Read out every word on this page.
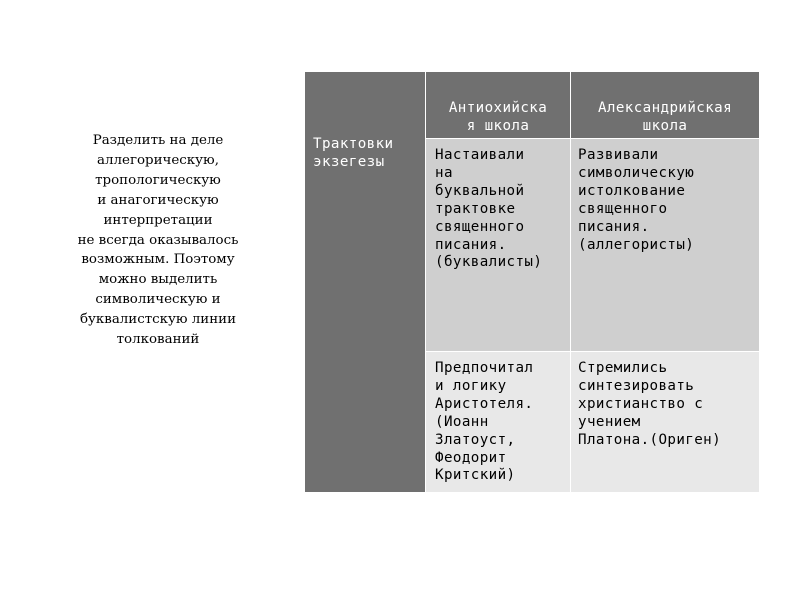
Разделить на деле
аллегорическую,
тропологическую
и анагогическую
интерпретации
не всегда оказывалось
возможным. Поэтому
можно выделить
символическую и
буквалистскую линии
толкований
Трактовки
экзегезы
Антиохийска
я школа
Александрийская
школа
Настаивали
на
буквальной
трактовке
священного
писания.
(буквалисты)
Развивали
символическую
истолкование
священного
писания.
(аллегористы)
Предпочитал
и логику
Аристотеля.
(Иоанн
Златоуст,
Феодорит
Критский)
Стремились
синтезировать
христианство с
учением
Платона.(Ориген)
